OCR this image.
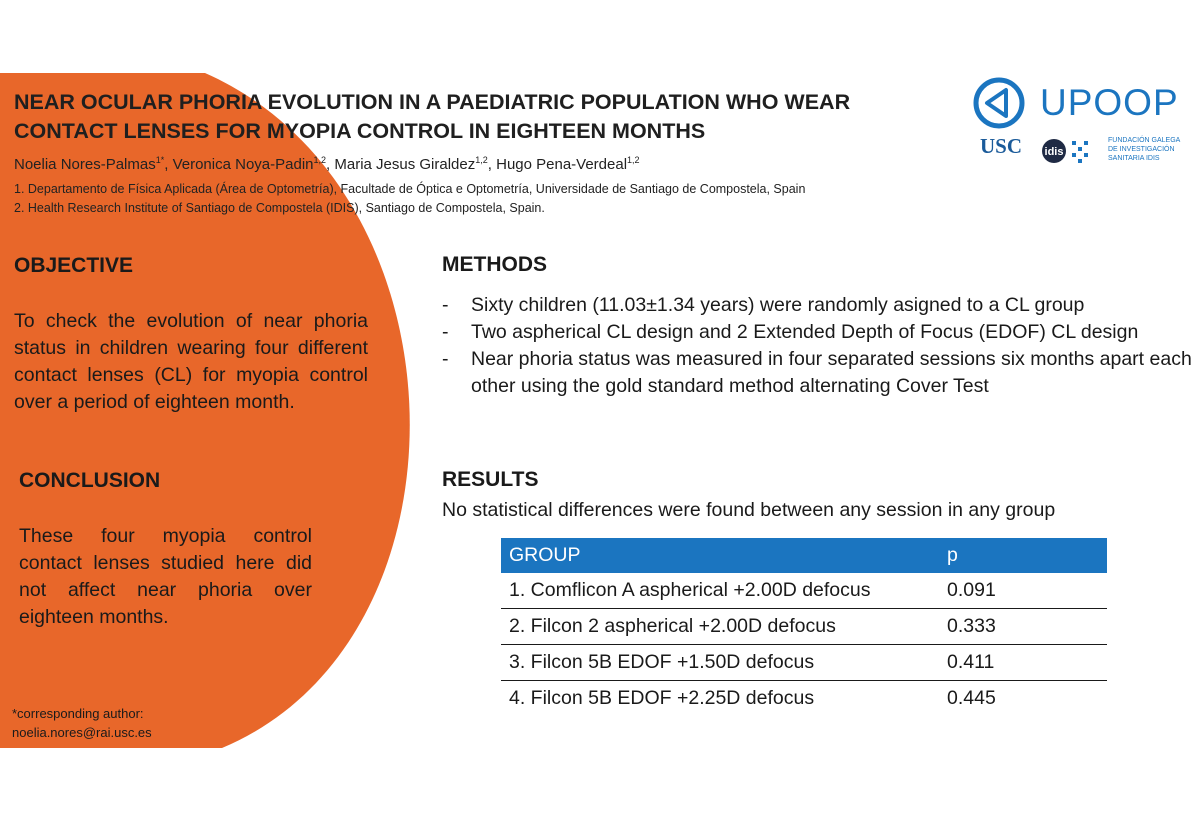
NEAR OCULAR PHORIA EVOLUTION IN A PAEDIATRIC POPULATION WHO WEAR CONTACT LENSES FOR MYOPIA CONTROL IN EIGHTEEN MONTHS
Noelia Nores-Palmas$^{1*}$, Veronica Noya-Padin$^{1,2}$, Maria Jesus Giraldez$^{1,2}$, Hugo Pena-Verdeal$^{1,2}$
1. Departamento de Física Aplicada (Área de Optometría), Facultade de Óptica e Optometría, Universidade de Santiago de Compostela, Spain
2. Health Research Institute of Santiago de Compostela (IDIS), Santiago de Compostela, Spain.
UPOOP
USC idis
FUNDACIÓN GALEGA
DE INVESTIGACIÓN
SANITARIA IDIS
OBJECTIVE
To check the evolution of near phoria status in children wearing four different contact lenses (CL) for myopia control over a period of eighteen month.
CONCLUSION
These four myopia control contact lenses studied here did not affect near phoria over eighteen months.
*corresponding author:
noelia.nores@rai.usc.es
METHODS
- Sixty children (11.03±1.34 years) were randomly asigned to a CL group
- Two aspherical CL design and 2 Extended Depth of Focus (EDOF) CL design
- Near phoria status was measured in four separated sessions six months apart each other using the gold standard method alternating Cover Test
RESULTS
No statistical differences were found between any session in any group
GROUP	p
1. Comflicon A aspherical +2.00D defocus	0.091
2. Filcon 2 aspherical +2.00D defocus	0.333
3. Filcon 5B EDOF +1.50D defocus	0.411
4. Filcon 5B EDOF +2.25D defocus	0.445
